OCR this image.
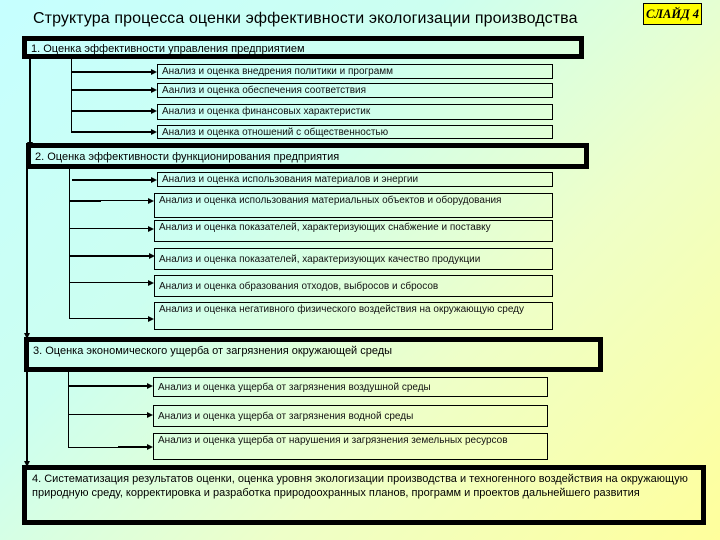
Структура процесса оценки эффективности экологизации производства	СЛАЙД 4
1. Оценка эффективности управления предприятием
Анализ и оценка внедрения политики и программ
Аанлиз и оценка обеспечения соответствия
Анализ и оценка финансовых характеристик
Анализ и оценка отношений с общественностью
2. Оценка эффективности функционирования предприятия
Анализ и оценка использования материалов и энергии
Анализ и оценка использования материальных объектов и оборудования
Анализ и оценка показателей, характеризующих снабжение и поставку
Анализ и оценка показателей, характеризующих качество продукции
Анализ и оценка образования отходов, выбросов и сбросов
Анализ и оценка негативного физического воздействия на окружающую среду
3. Оценка экономического ущерба от загрязнения окружающей среды
Анализ и оценка ущерба от загрязнения воздушной среды
Анализ и оценка ущерба от загрязнения водной среды
Анализ и оценка ущерба от нарушения и загрязнения земельных ресурсов
4. Систематизация результатов оценки, оценка уровня экологизации производства и техногенного воздействия на окружающую природную среду, корректировка и разработка природоохранных планов, программ и проектов дальнейшего развития
